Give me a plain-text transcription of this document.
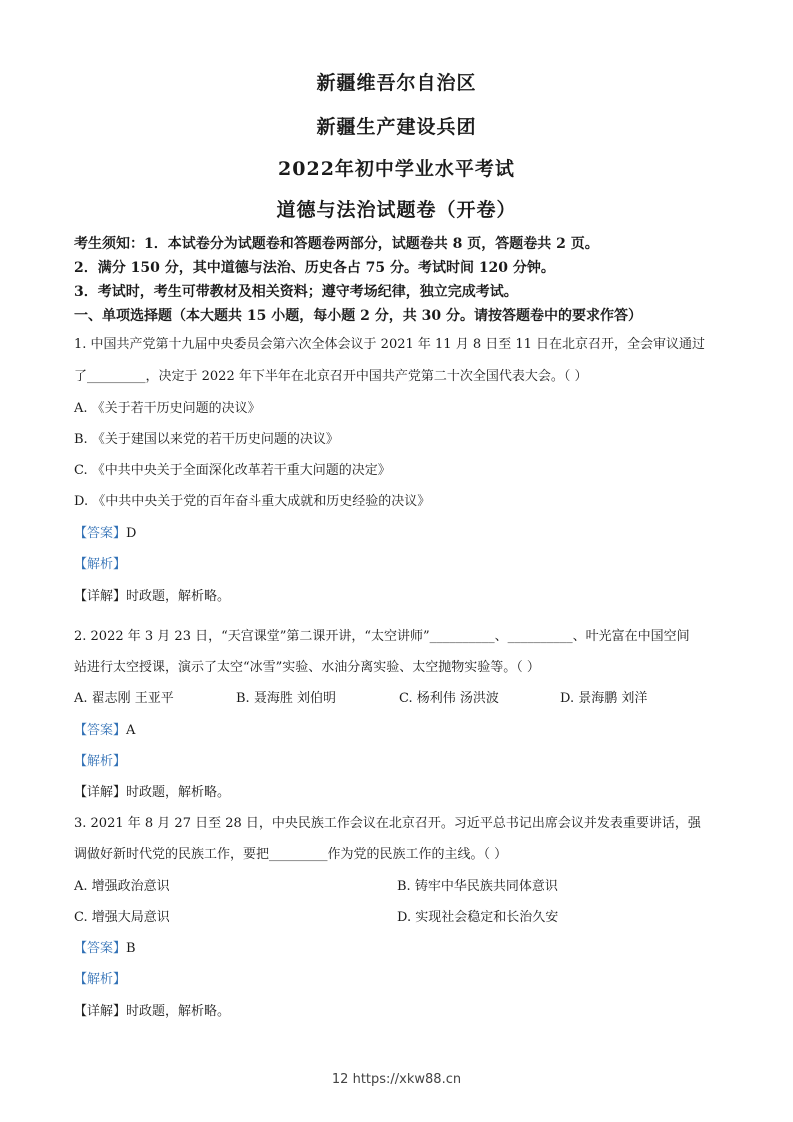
新疆维吾尔自治区
新疆生产建设兵团
2022年初中学业水平考试
道德与法治试题卷（开卷）
考生须知：1．本试卷分为试题卷和答题卷两部分，试题卷共 8 页，答题卷共 2 页。
2．满分 150 分，其中道德与法治、历史各占 75 分。考试时间 120 分钟。
3．考试时，考生可带教材及相关资料；遵守考场纪律，独立完成考试。
一、单项选择题（本大题共 15 小题，每小题 2 分，共 30 分。请按答题卷中的要求作答）
1. 中国共产党第十九届中央委员会第六次全体会议于 2021 年 11 月 8 日至 11 日在北京召开，全会审议通过
了_________，决定于 2022 年下半年在北京召开中国共产党第二十次全国代表大会。（ ）
A. 《关于若干历史问题的决议》
B. 《关于建国以来党的若干历史问题的决议》
C. 《中共中央关于全面深化改革若干重大问题的决定》
D. 《中共中央关于党的百年奋斗重大成就和历史经验的决议》
【答案】D
【解析】
【详解】时政题，解析略。
2. 2022 年 3 月 23 日，“天宫课堂”第二课开讲，“太空讲师”__________、__________、叶光富在中国空间
站进行太空授课，演示了太空“冰雪”实验、水油分离实验、太空抛物实验等。（ ）
A. 翟志刚 王亚平	B. 聂海胜 刘伯明	C. 杨利伟 汤洪波	D. 景海鹏 刘洋
【答案】A
【解析】
【详解】时政题，解析略。
3. 2021 年 8 月 27 日至 28 日，中央民族工作会议在北京召开。习近平总书记出席会议并发表重要讲话，强
调做好新时代党的民族工作，要把_________作为党的民族工作的主线。（ ）
A. 增强政治意识	B. 铸牢中华民族共同体意识
C. 增强大局意识	D. 实现社会稳定和长治久安
【答案】B
【解析】
【详解】时政题，解析略。
12 https://xkw88.cn
